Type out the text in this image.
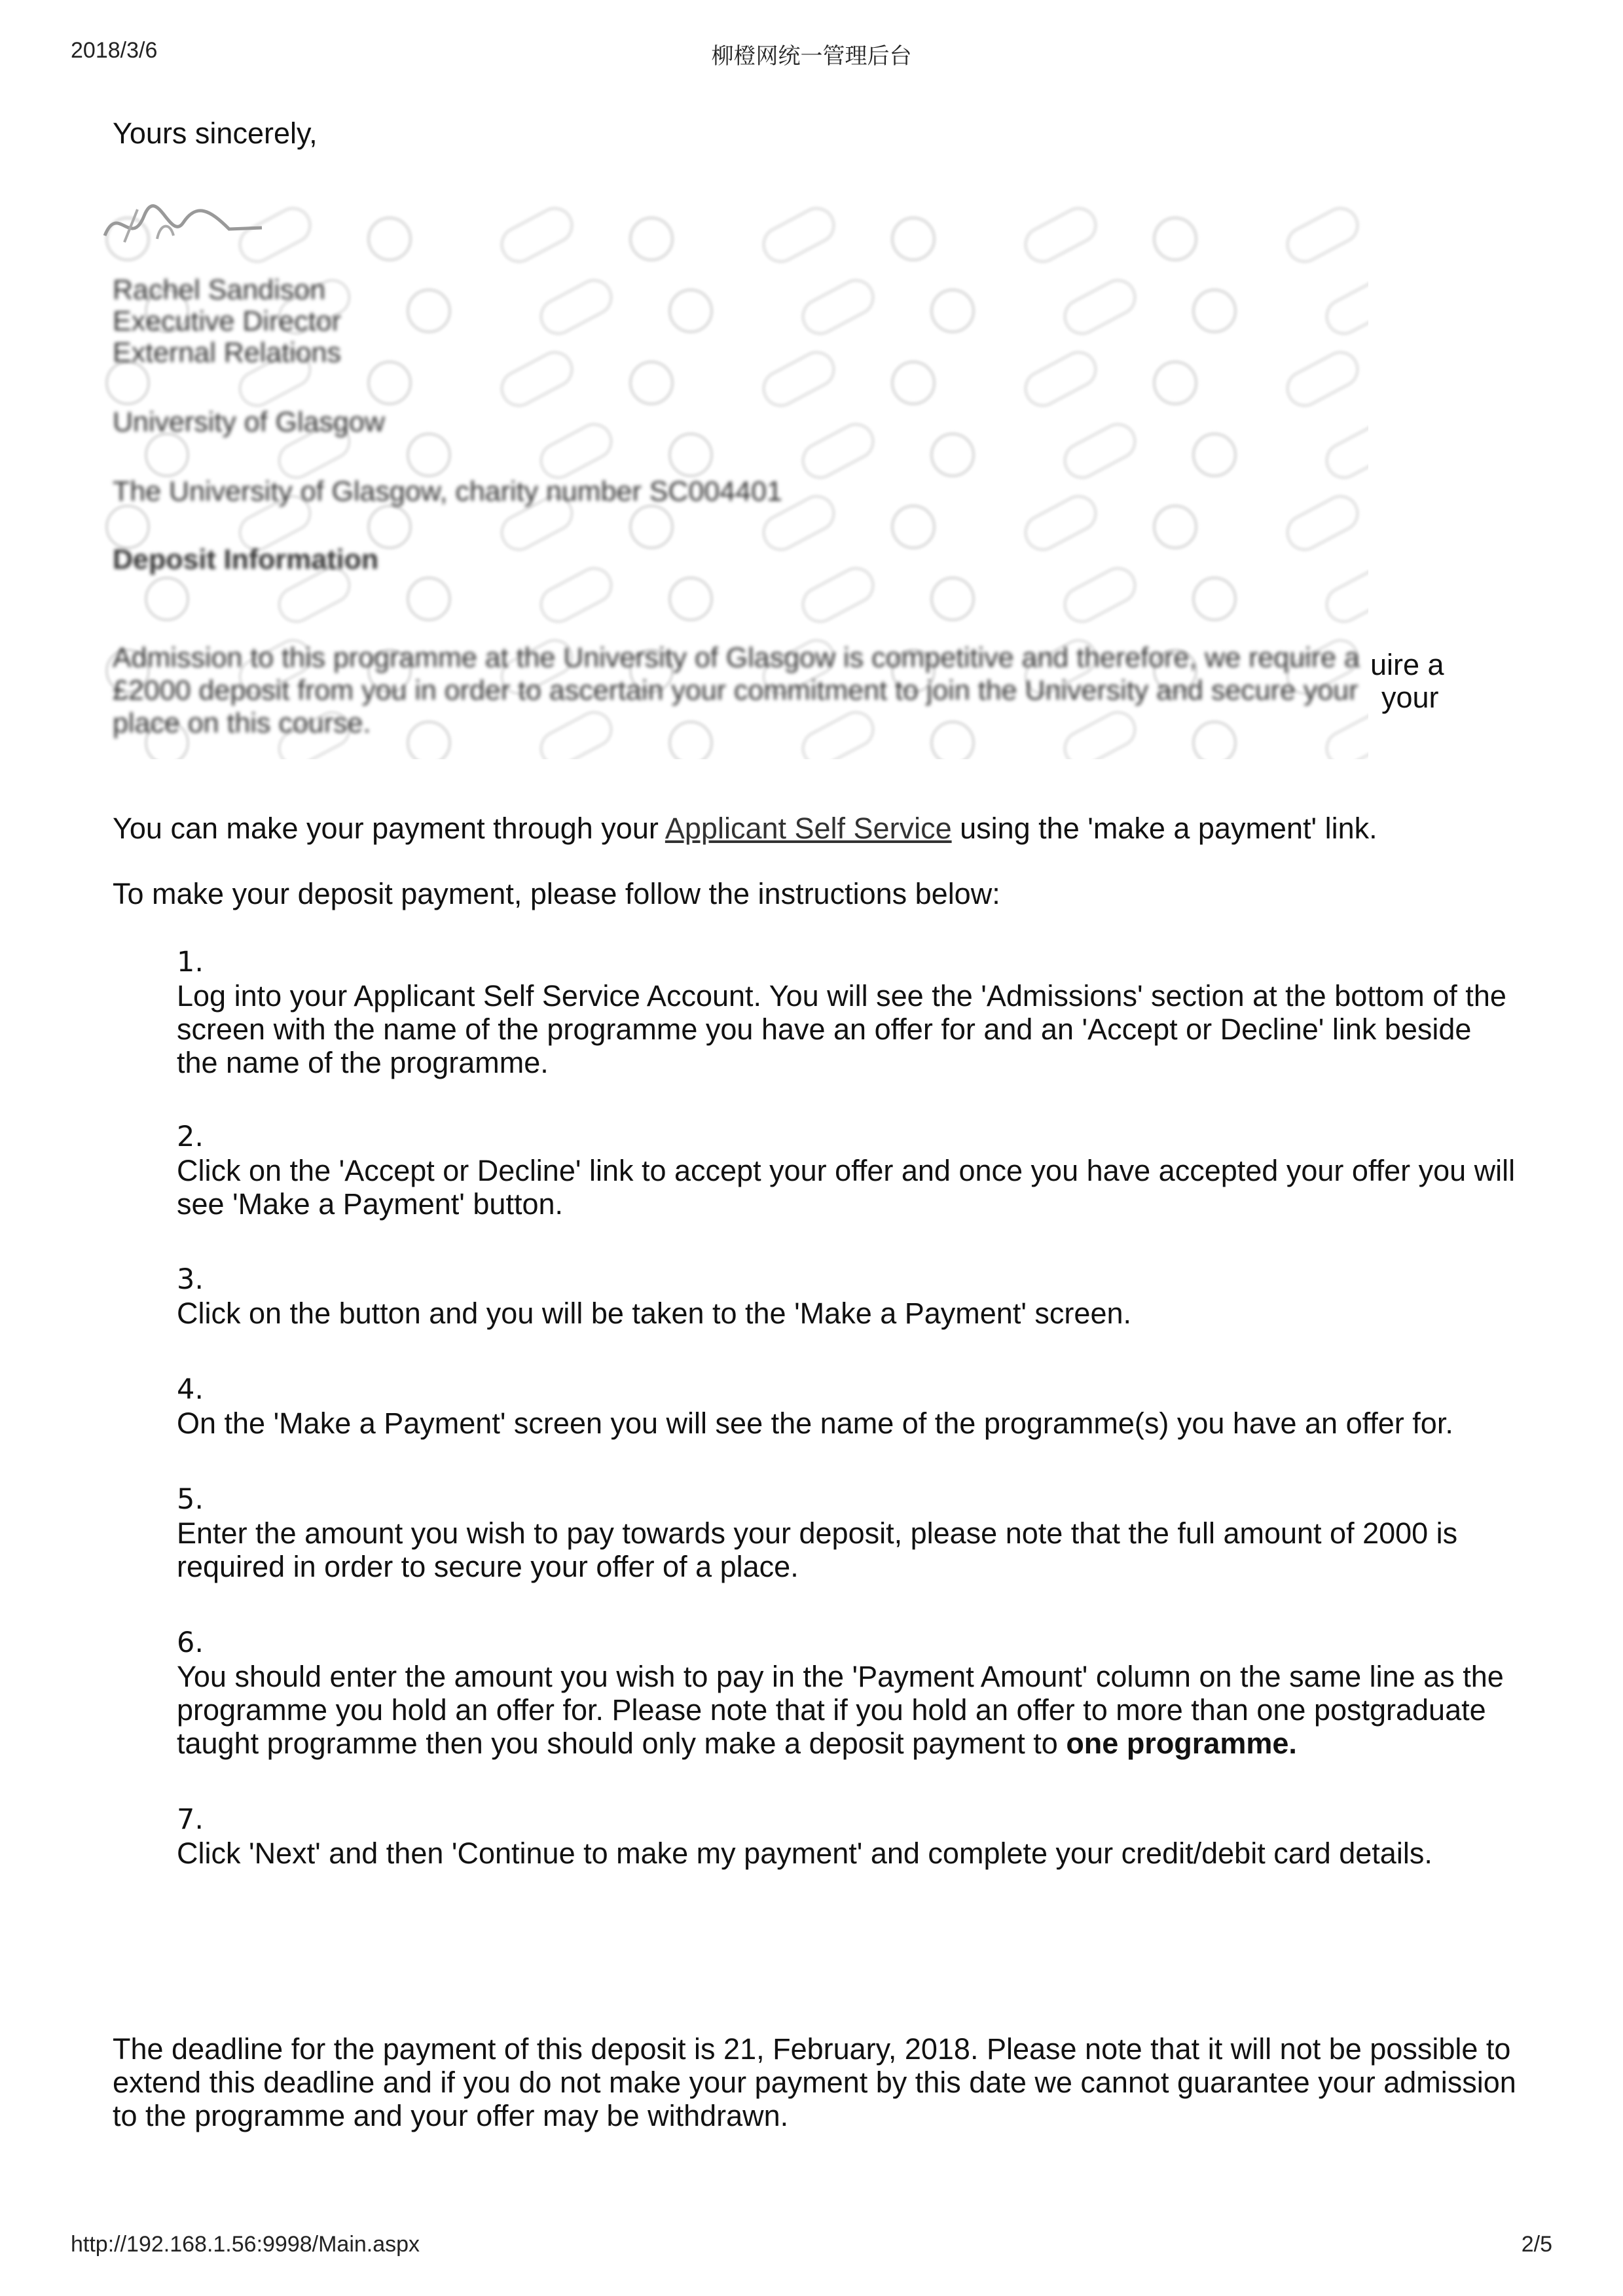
2018/3/6	柳橙网统一管理后台
Yours sincerely,
Rachel Sandison
Executive Director
External Relations
University of Glasgow
The University of Glasgow, charity number SC004401
Deposit Information
Admission to this programme at the University of Glasgow is competitive and therefore, we require a
£2000 deposit from you in order to ascertain your commitment to join the University and secure your
place on this course.
uire a
your
You can make your payment through your Applicant Self Service using the 'make a payment' link.
To make your deposit payment, please follow the instructions below:
1.
Log into your Applicant Self Service Account. You will see the 'Admissions' section at the bottom of the screen with the name of the programme you have an offer for and an 'Accept or Decline' link beside the name of the programme.
2.
Click on the 'Accept or Decline' link to accept your offer and once you have accepted your offer you will see 'Make a Payment' button.
3.
Click on the button and you will be taken to the 'Make a Payment' screen.
4.
On the 'Make a Payment' screen you will see the name of the programme(s) you have an offer for.
5.
Enter the amount you wish to pay towards your deposit, please note that the full amount of 2000 is required in order to secure your offer of a place.
6.
You should enter the amount you wish to pay in the 'Payment Amount' column on the same line as the programme you hold an offer for. Please note that if you hold an offer to more than one postgraduate taught programme then you should only make a deposit payment to one programme.
7.
Click 'Next' and then 'Continue to make my payment' and complete your credit/debit card details.
The deadline for the payment of this deposit is 21, February, 2018. Please note that it will not be possible to extend this deadline and if you do not make your payment by this date we cannot guarantee your admission to the programme and your offer may be withdrawn.
http://192.168.1.56:9998/Main.aspx	2/5
